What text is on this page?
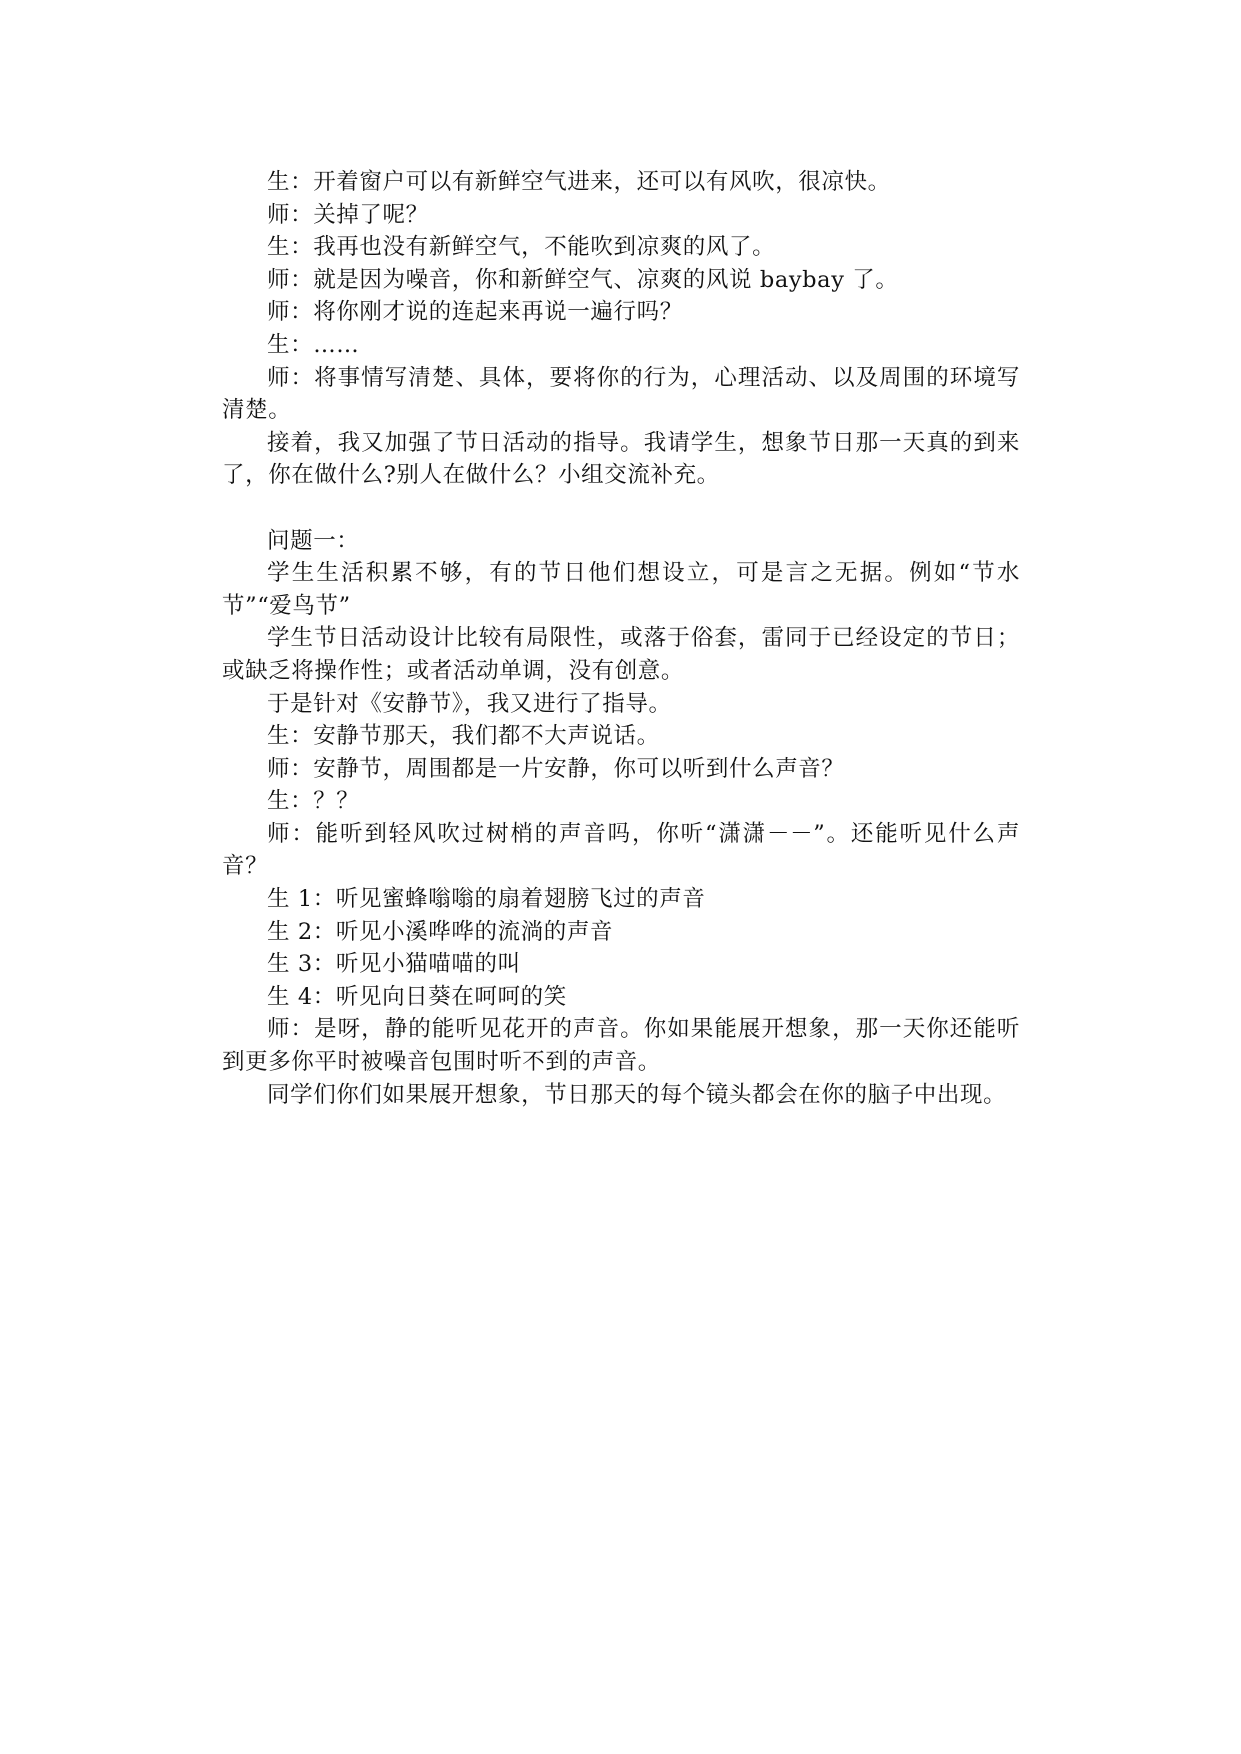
生：开着窗户可以有新鲜空气进来，还可以有风吹，很凉快。

师：关掉了呢？

生：我再也没有新鲜空气，不能吹到凉爽的风了。

师：就是因为噪音，你和新鲜空气、凉爽的风说 baybay 了。

师：将你刚才说的连起来再说一遍行吗？

生：……

师：将事情写清楚、具体，要将你的行为，心理活动、以及周围的环境写清楚。

接着，我又加强了节日活动的指导。我请学生，想象节日那一天真的到来了，你在做什么?别人在做什么？小组交流补充。

问题一：

学生生活积累不够，有的节日他们想设立，可是言之无据。例如“节水节”“爱鸟节”

学生节日活动设计比较有局限性，或落于俗套，雷同于已经设定的节日；或缺乏将操作性；或者活动单调，没有创意。

于是针对《安静节》，我又进行了指导。

生：安静节那天，我们都不大声说话。

师：安静节，周围都是一片安静，你可以听到什么声音？

生：？？

师：能听到轻风吹过树梢的声音吗，你听“潇潇－－”。还能听见什么声音？

生 1：听见蜜蜂嗡嗡的扇着翅膀飞过的声音

生 2：听见小溪哗哗的流淌的声音

生 3：听见小猫喵喵的叫

生 4：听见向日葵在呵呵的笑

师：是呀，静的能听见花开的声音。你如果能展开想象，那一天你还能听到更多你平时被噪音包围时听不到的声音。

同学们你们如果展开想象，节日那天的每个镜头都会在你的脑子中出现。
